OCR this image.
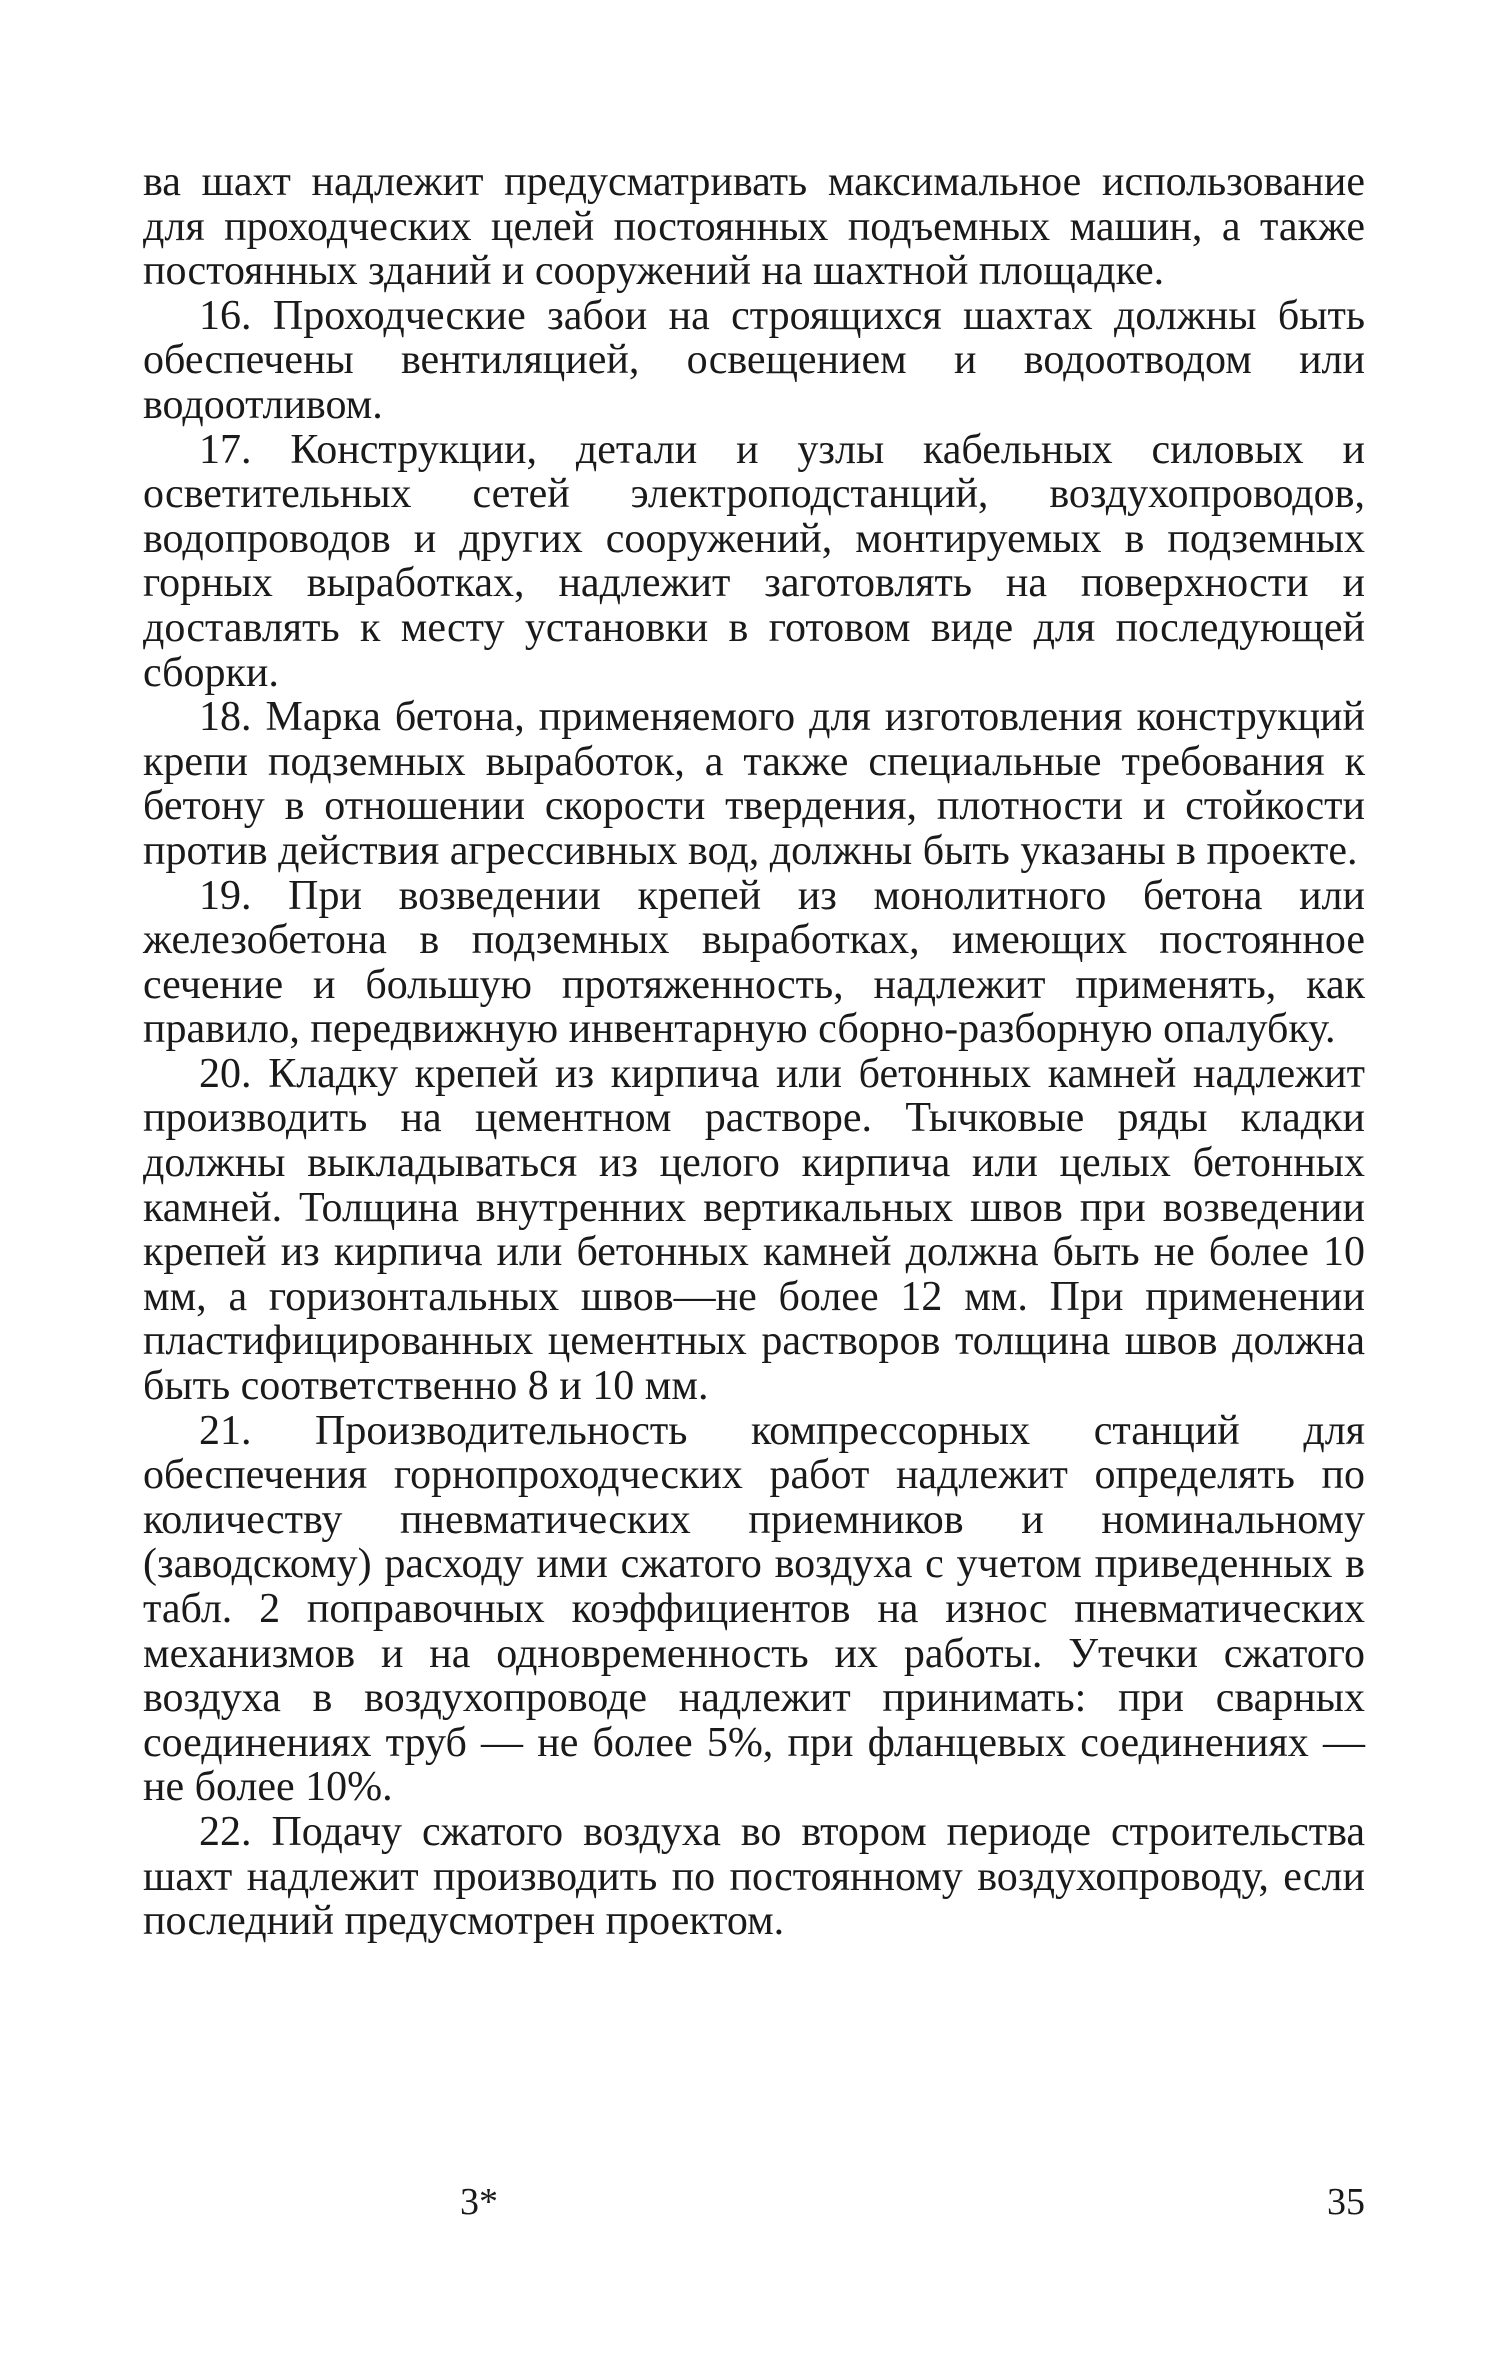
ва шахт надлежит предусматривать максимальное использование для проходческих целей постоянных подъемных машин, а также постоянных зданий и сооружений на шахтной площадке.

16. Проходческие забои на строящихся шахтах должны быть обеспечены вентиляцией, освещением и водоотводом или водоотливом.

17. Конструкции, детали и узлы кабельных силовых и осветительных сетей электроподстанций, воздухопроводов, водопроводов и других сооружений, монтируемых в подземных горных выработках, надлежит заготовлять на поверхности и доставлять к месту установки в готовом виде для последующей сборки.

18. Марка бетона, применяемого для изготовления конструкций крепи подземных выработок, а также специальные требования к бетону в отношении скорости твердения, плотности и стойкости против действия агрессивных вод, должны быть указаны в проекте.

19. При возведении крепей из монолитного бетона или железобетона в подземных выработках, имеющих постоянное сечение и большую протяженность, надлежит применять, как правило, передвижную инвентарную сборно-разборную опалубку.

20. Кладку крепей из кирпича или бетонных камней надлежит производить на цементном растворе. Тычковые ряды кладки должны выкладываться из целого кирпича или целых бетонных камней. Толщина внутренних вертикальных швов при возведении крепей из кирпича или бетонных камней должна быть не более 10 мм, а горизонтальных швов—не более 12 мм. При применении пластифицированных цементных растворов толщина швов должна быть соответственно 8 и 10 мм.

21. Производительность компрессорных станций для обеспечения горнопроходческих работ надлежит определять по количеству пневматических приемников и номинальному (заводскому) расходу ими сжатого воздуха с учетом приведенных в табл. 2 поправочных коэффициентов на износ пневматических механизмов и на одновременность их работы. Утечки сжатого воздуха в воздухопроводе надлежит принимать: при сварных соединениях труб — не более 5%, при фланцевых соединениях — не более 10%.

22. Подачу сжатого воздуха во втором периоде строительства шахт надлежит производить по постоянному воздухопроводу, если последний предусмотрен проектом.

3*	35
